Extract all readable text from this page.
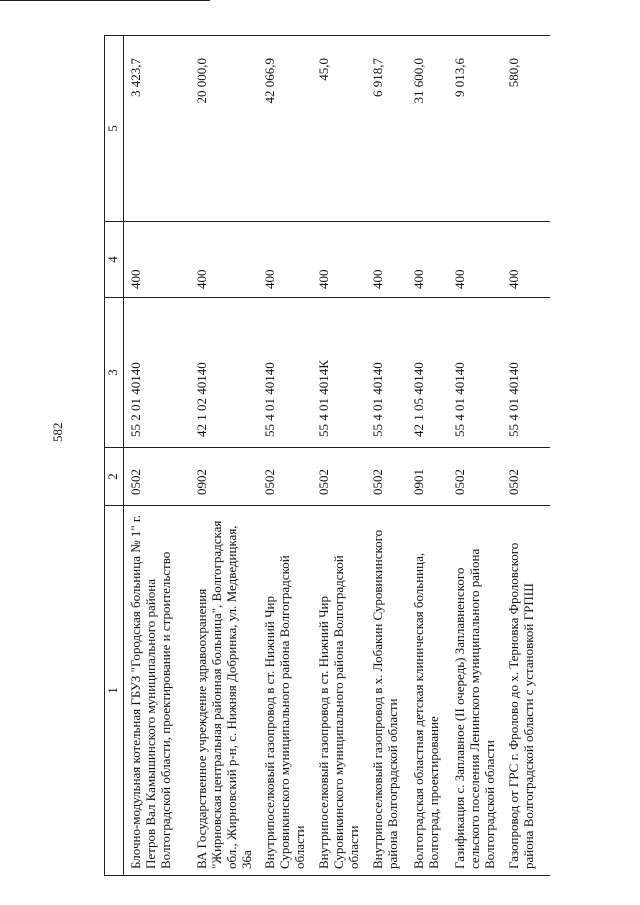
582
1	2	3	4	5
Блочно-модульная котельная ГБУЗ "Городская больница № 1" г. Петров Вал Камышинского муниципального района Волгоградской области, проектирование и строительство	0502	55 2 01 40140	400	3 423,7
ВА Государственное учреждение здравоохранения "Жирновская центральная районная больница", Волгоградская обл., Жирновский р-н, с. Нижняя Добринка, ул. Медведицкая, 36а	0902	42 1 02 40140	400	20 000,0
Внутрипоселковый газопровод в ст. Нижний Чир Суровикинского муниципального района Волгоградской области	0502	55 4 01 40140	400	42 066,9
Внутрипоселковый газопровод в ст. Нижний Чир Суровикинского муниципального района Волгоградской области	0502	55 4 01 4014К	400	45,0
Внутрипоселковый газопровод в х. Лобакин Суровикинского района Волгоградской области	0502	55 4 01 40140	400	6 918,7
Волгоградская областная детская клиническая больница, Волгоград, проектирование	0901	42 1 05 40140	400	31 600,0
Газификация с. Заплавное (II очередь) Заплавненского сельского поселения Ленинского муниципального района Волгоградской области	0502	55 4 01 40140	400	9 013,6
Газопровод от ГРС г. Фролово до х. Терновка Фроловского района Волгоградской области с установкой ГРПШ	0502	55 4 01 40140	400	580,0
